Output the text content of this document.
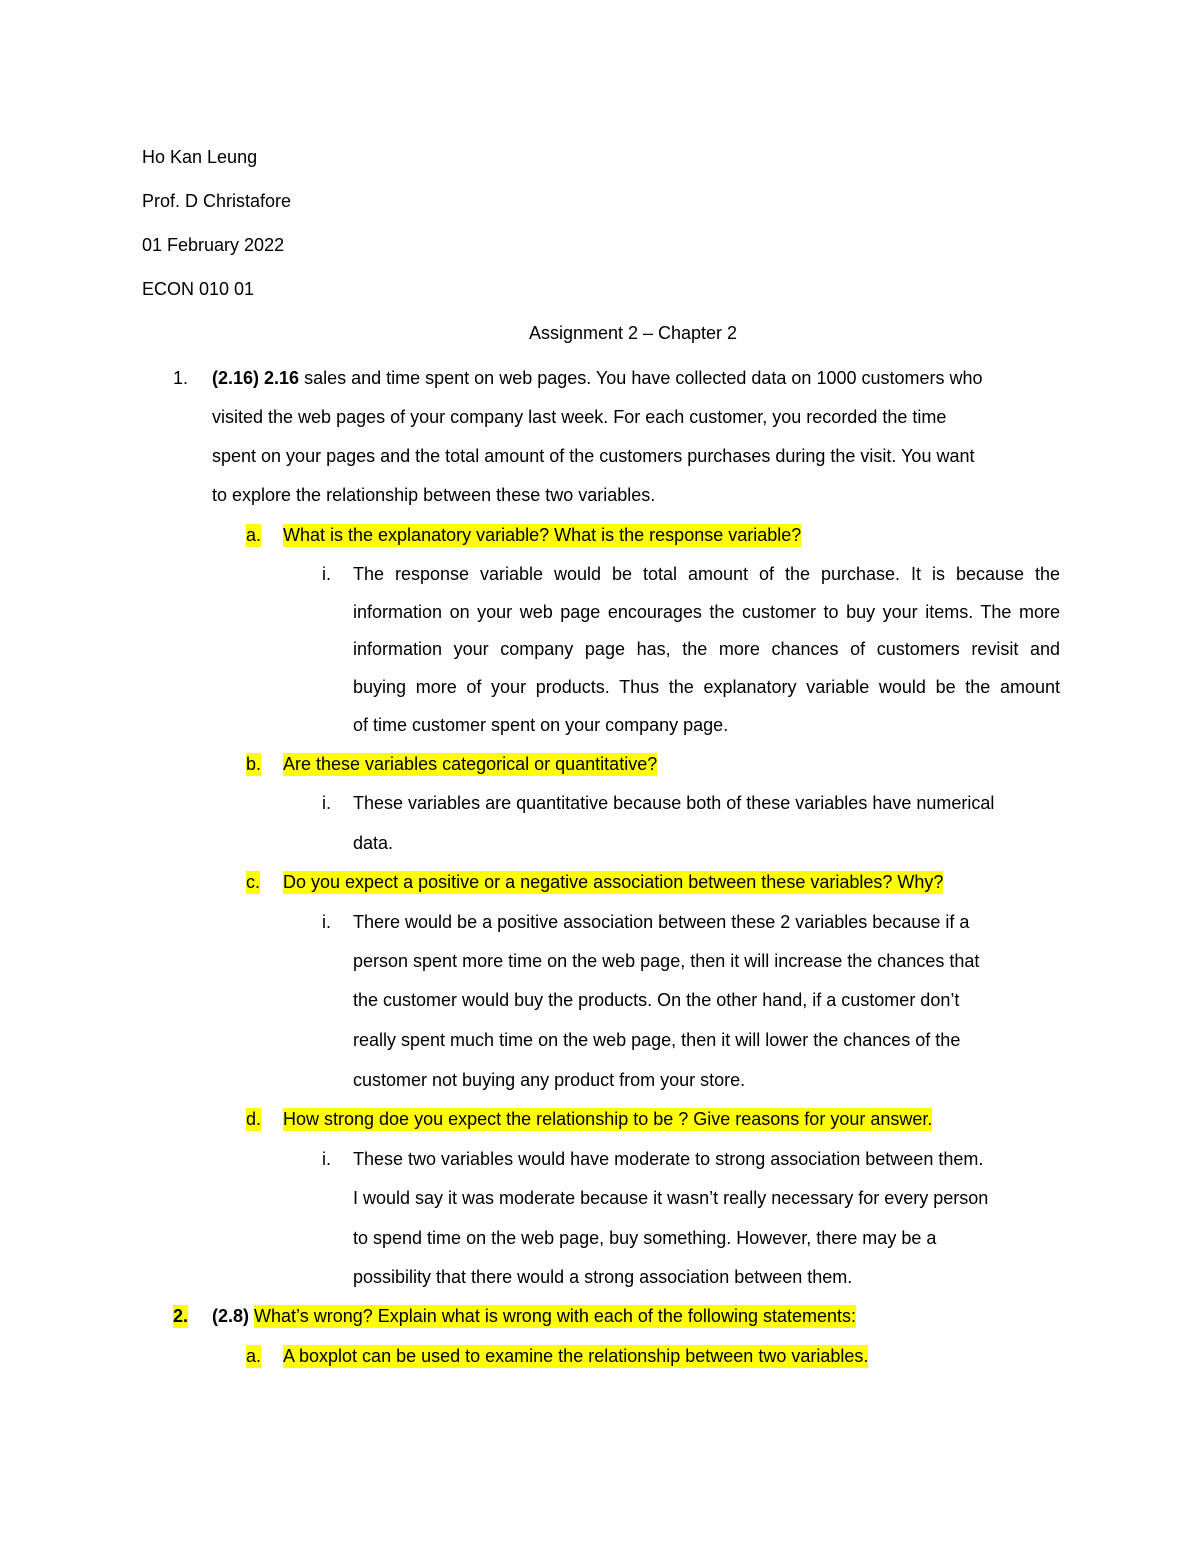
Ho Kan Leung
Prof. D Christafore
01 February 2022
ECON 010 01
Assignment 2 – Chapter 2
1. (2.16) 2.16 sales and time spent on web pages. You have collected data on 1000 customers who
visited the web pages of your company last week. For each customer, you recorded the time
spent on your pages and the total amount of the customers purchases during the visit. You want
to explore the relationship between these two variables.
a. What is the explanatory variable? What is the response variable?
i. The response variable would be total amount of the purchase. It is because the
information on your web page encourages the customer to buy your items. The more
information your company page has, the more chances of customers revisit and
buying more of your products. Thus the explanatory variable would be the amount
of time customer spent on your company page.
b. Are these variables categorical or quantitative?
i. These variables are quantitative because both of these variables have numerical
data.
c. Do you expect a positive or a negative association between these variables? Why?
i. There would be a positive association between these 2 variables because if a
person spent more time on the web page, then it will increase the chances that
the customer would buy the products. On the other hand, if a customer don’t
really spent much time on the web page, then it will lower the chances of the
customer not buying any product from your store.
d. How strong doe you expect the relationship to be ? Give reasons for your answer.
i. These two variables would have moderate to strong association between them.
I would say it was moderate because it wasn’t really necessary for every person
to spend time on the web page, buy something. However, there may be a
possibility that there would a strong association between them.
2. (2.8) What’s wrong? Explain what is wrong with each of the following statements:
a. A boxplot can be used to examine the relationship between two variables.
